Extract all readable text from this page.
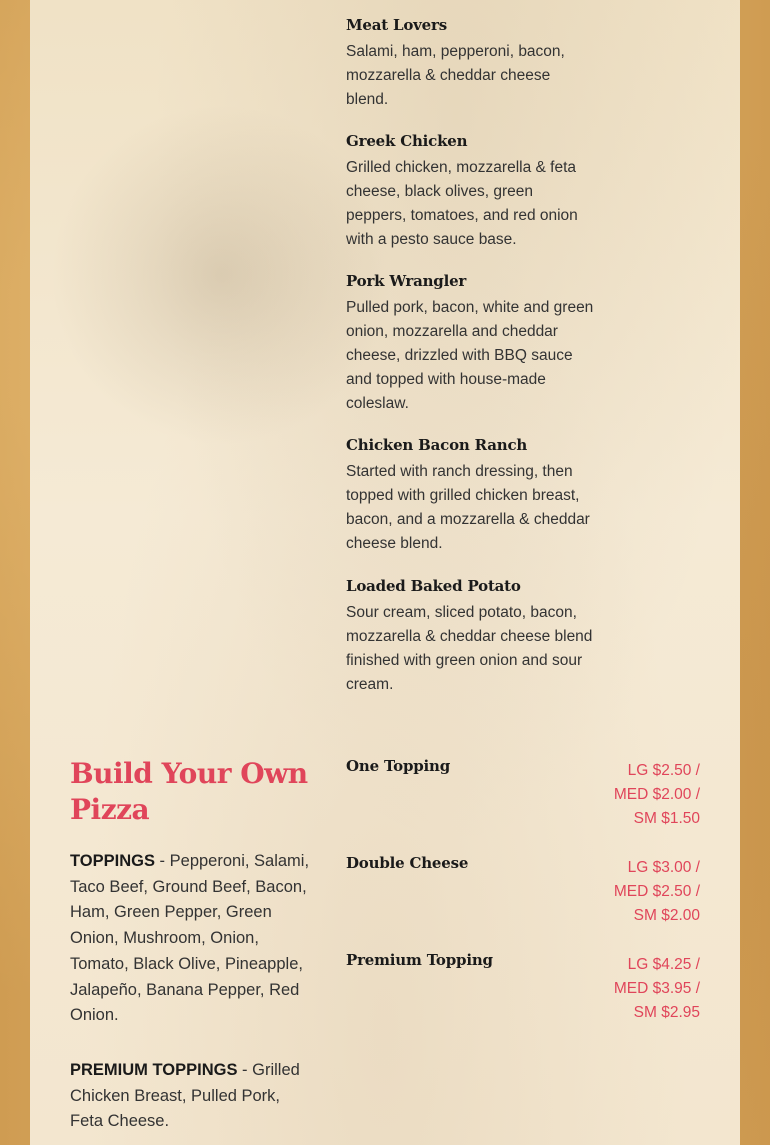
Meat Lovers

Salami, ham, pepperoni, bacon, mozzarella & cheddar cheese blend.

Greek Chicken

Grilled chicken, mozzarella & feta cheese, black olives, green peppers, tomatoes, and red onion with a pesto sauce base.

Pork Wrangler

Pulled pork, bacon, white and green onion, mozzarella and cheddar cheese, drizzled with BBQ sauce and topped with house-made coleslaw.

Chicken Bacon Ranch

Started with ranch dressing, then topped with grilled chicken breast, bacon, and a mozzarella & cheddar cheese blend.

Loaded Baked Potato

Sour cream, sliced potato, bacon, mozzarella & cheddar cheese blend finished with green onion and sour cream.

Build Your Own Pizza

TOPPINGS - Pepperoni, Salami, Taco Beef, Ground Beef, Bacon, Ham, Green Pepper, Green Onion, Mushroom, Onion, Tomato, Black Olive, Pineapple, Jalapeño, Banana Pepper, Red Onion.

PREMIUM TOPPINGS - Grilled Chicken Breast, Pulled Pork, Feta Cheese.

One Topping	LG $2.50 /
MED $2.00 /
SM $1.50
Double Cheese	LG $3.00 /
MED $2.50 /
SM $2.00
Premium Topping	LG $4.25 /
MED $3.95 /
SM $2.95
